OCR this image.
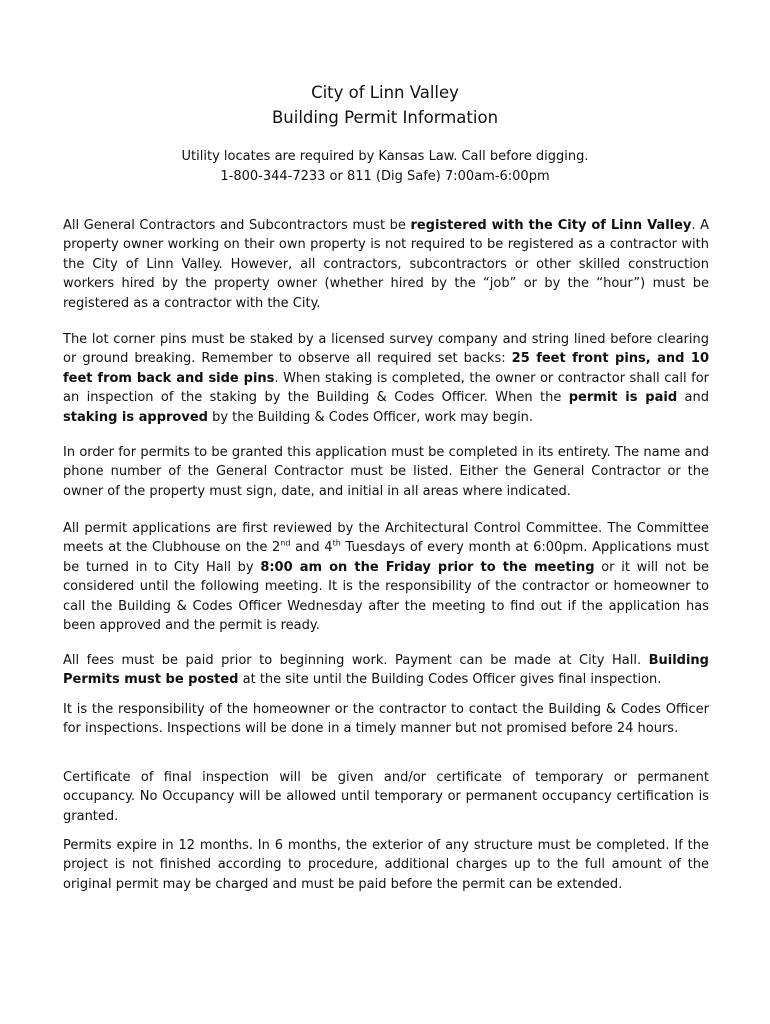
City of Linn Valley
Building Permit Information
Utility locates are required by Kansas Law. Call before digging.
1-800-344-7233 or 811 (Dig Safe) 7:00am-6:00pm

All General Contractors and Subcontractors must be registered with the City of Linn Valley. A property owner working on their own property is not required to be registered as a contractor with the City of Linn Valley. However, all contractors, subcontractors or other skilled construction workers hired by the property owner (whether hired by the “job” or by the “hour”) must be registered as a contractor with the City.

The lot corner pins must be staked by a licensed survey company and string lined before clearing or ground breaking. Remember to observe all required set backs: 25 feet front pins, and 10 feet from back and side pins. When staking is completed, the owner or contractor shall call for an inspection of the staking by the Building & Codes Officer. When the permit is paid and staking is approved by the Building & Codes Officer, work may begin.

In order for permits to be granted this application must be completed in its entirety. The name and phone number of the General Contractor must be listed. Either the General Contractor or the owner of the property must sign, date, and initial in all areas where indicated.

All permit applications are first reviewed by the Architectural Control Committee. The Committee meets at the Clubhouse on the 2nd and 4th Tuesdays of every month at 6:00pm. Applications must be turned in to City Hall by 8:00 am on the Friday prior to the meeting or it will not be considered until the following meeting. It is the responsibility of the contractor or homeowner to call the Building & Codes Officer Wednesday after the meeting to find out if the application has been approved and the permit is ready.

All fees must be paid prior to beginning work. Payment can be made at City Hall. Building Permits must be posted at the site until the Building Codes Officer gives final inspection.

It is the responsibility of the homeowner or the contractor to contact the Building & Codes Officer for inspections. Inspections will be done in a timely manner but not promised before 24 hours.

Certificate of final inspection will be given and/or certificate of temporary or permanent occupancy. No Occupancy will be allowed until temporary or permanent occupancy certification is granted.

Permits expire in 12 months. In 6 months, the exterior of any structure must be completed. If the project is not finished according to procedure, additional charges up to the full amount of the original permit may be charged and must be paid before the permit can be extended.
